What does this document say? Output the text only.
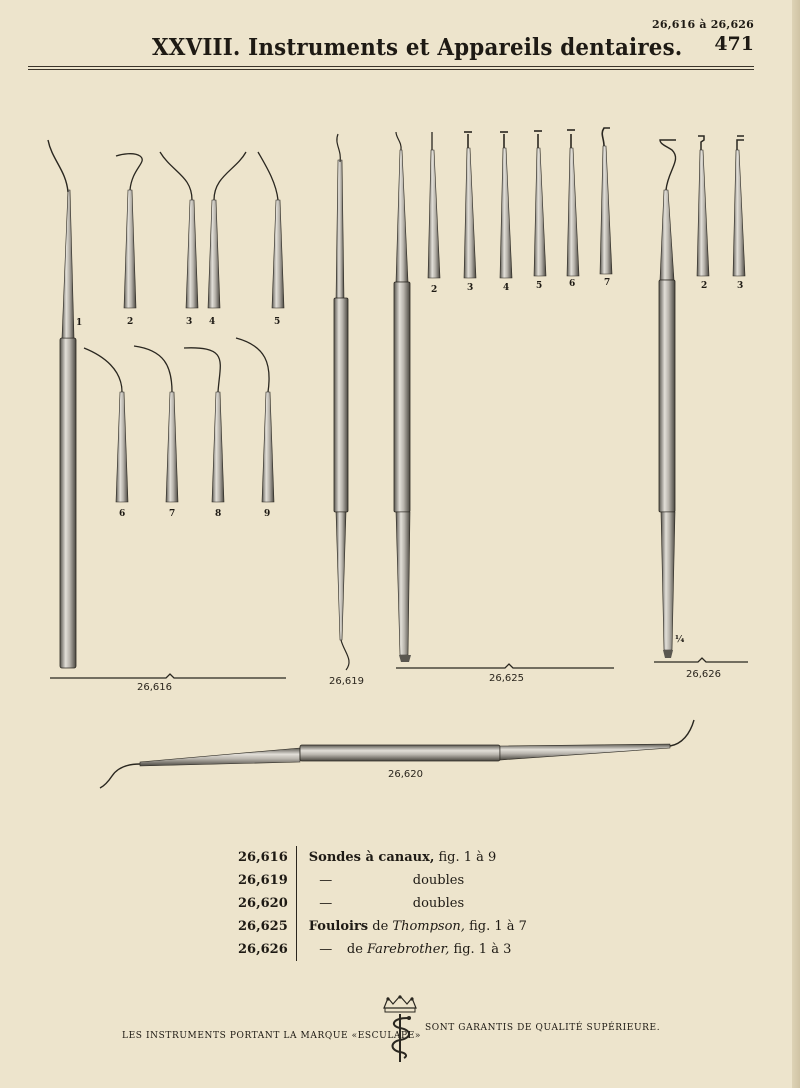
26,616 à 26,626
471
XXVIII. Instruments et Appareils dentaires.
1	2	3 4	5
6	7	8	9
26,616
26,619
2	3	4	5	6	7
26,625
2	3
¼
26,626
26,620
26,616	Sondes à canaux, fig. 1 à 9
26,619	— doubles
26,620	— doubles
26,625	Fouloirs de Thompson, fig. 1 à 7
26,626	— de Farebrother, fig. 1 à 3
LES INSTRUMENTS PORTANT LA MARQUE «ESCULAPE»
SONT GARANTIS DE QUALITÉ SUPÉRIEURE.
